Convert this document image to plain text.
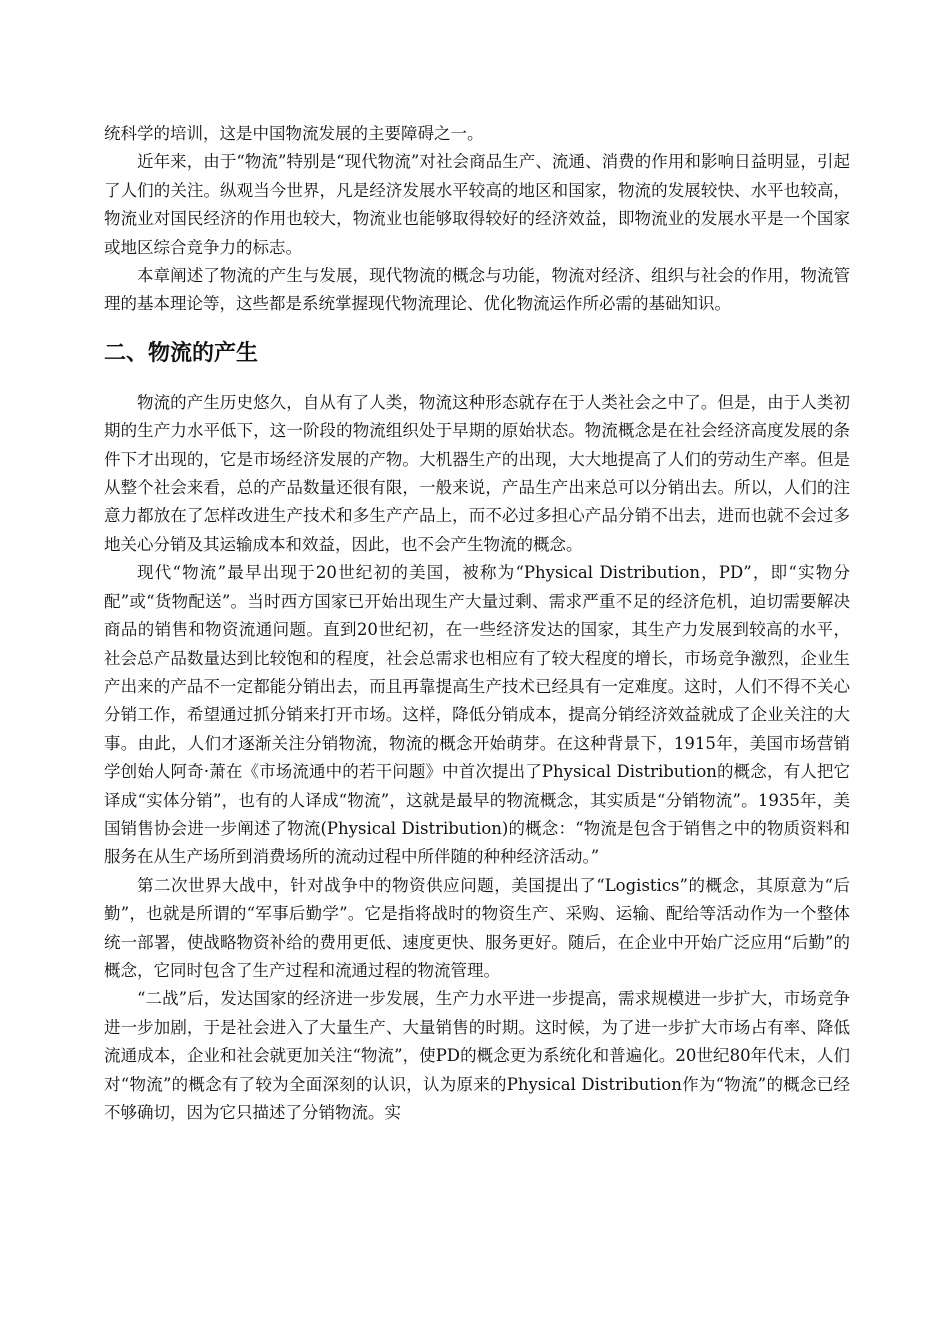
统科学的培训，这是中国物流发展的主要障碍之一。

近年来，由于“物流”特别是“现代物流”对社会商品生产、流通、消费的作用和影响日益明显，引起了人们的关注。纵观当今世界，凡是经济发展水平较高的地区和国家，物流的发展较快、水平也较高，物流业对国民经济的作用也较大，物流业也能够取得较好的经济效益，即物流业的发展水平是一个国家或地区综合竞争力的标志。

本章阐述了物流的产生与发展，现代物流的概念与功能，物流对经济、组织与社会的作用，物流管理的基本理论等，这些都是系统掌握现代物流理论、优化物流运作所必需的基础知识。

二、物流的产生

物流的产生历史悠久，自从有了人类，物流这种形态就存在于人类社会之中了。但是，由于人类初期的生产力水平低下，这一阶段的物流组织处于早期的原始状态。物流概念是在社会经济高度发展的条件下才出现的，它是市场经济发展的产物。大机器生产的出现，大大地提高了人们的劳动生产率。但是从整个社会来看，总的产品数量还很有限，一般来说，产品生产出来总可以分销出去。所以，人们的注意力都放在了怎样改进生产技术和多生产产品上，而不必过多担心产品分销不出去，进而也就不会过多地关心分销及其运输成本和效益，因此，也不会产生物流的概念。

现代“物流”最早出现于20世纪初的美国，被称为“Physical Distribution，PD”，即“实物分配”或“货物配送”。当时西方国家已开始出现生产大量过剩、需求严重不足的经济危机，迫切需要解决商品的销售和物资流通问题。直到20世纪初，在一些经济发达的国家，其生产力发展到较高的水平，社会总产品数量达到比较饱和的程度，社会总需求也相应有了较大程度的增长，市场竞争激烈，企业生产出来的产品不一定都能分销出去，而且再靠提高生产技术已经具有一定难度。这时，人们不得不关心分销工作，希望通过抓分销来打开市场。这样，降低分销成本，提高分销经济效益就成了企业关注的大事。由此，人们才逐渐关注分销物流，物流的概念开始萌芽。在这种背景下，1915年，美国市场营销学创始人阿奇·萧在《市场流通中的若干问题》中首次提出了Physical Distribution的概念，有人把它译成“实体分销”，也有的人译成“物流”，这就是最早的物流概念，其实质是“分销物流”。1935年，美国销售协会进一步阐述了物流(Physical Distribution)的概念：“物流是包含于销售之中的物质资料和服务在从生产场所到消费场所的流动过程中所伴随的种种经济活动。”

第二次世界大战中，针对战争中的物资供应问题，美国提出了“Logistics”的概念，其原意为“后勤”，也就是所谓的“军事后勤学”。它是指将战时的物资生产、采购、运输、配给等活动作为一个整体统一部署，使战略物资补给的费用更低、速度更快、服务更好。随后，在企业中开始广泛应用“后勤”的概念，它同时包含了生产过程和流通过程的物流管理。

“二战”后，发达国家的经济进一步发展，生产力水平进一步提高，需求规模进一步扩大，市场竞争进一步加剧，于是社会进入了大量生产、大量销售的时期。这时候，为了进一步扩大市场占有率、降低流通成本，企业和社会就更加关注“物流”，使PD的概念更为系统化和普遍化。20世纪80年代末，人们对“物流”的概念有了较为全面深刻的认识，认为原来的Physical Distribution作为“物流”的概念已经不够确切，因为它只描述了分销物流。实
